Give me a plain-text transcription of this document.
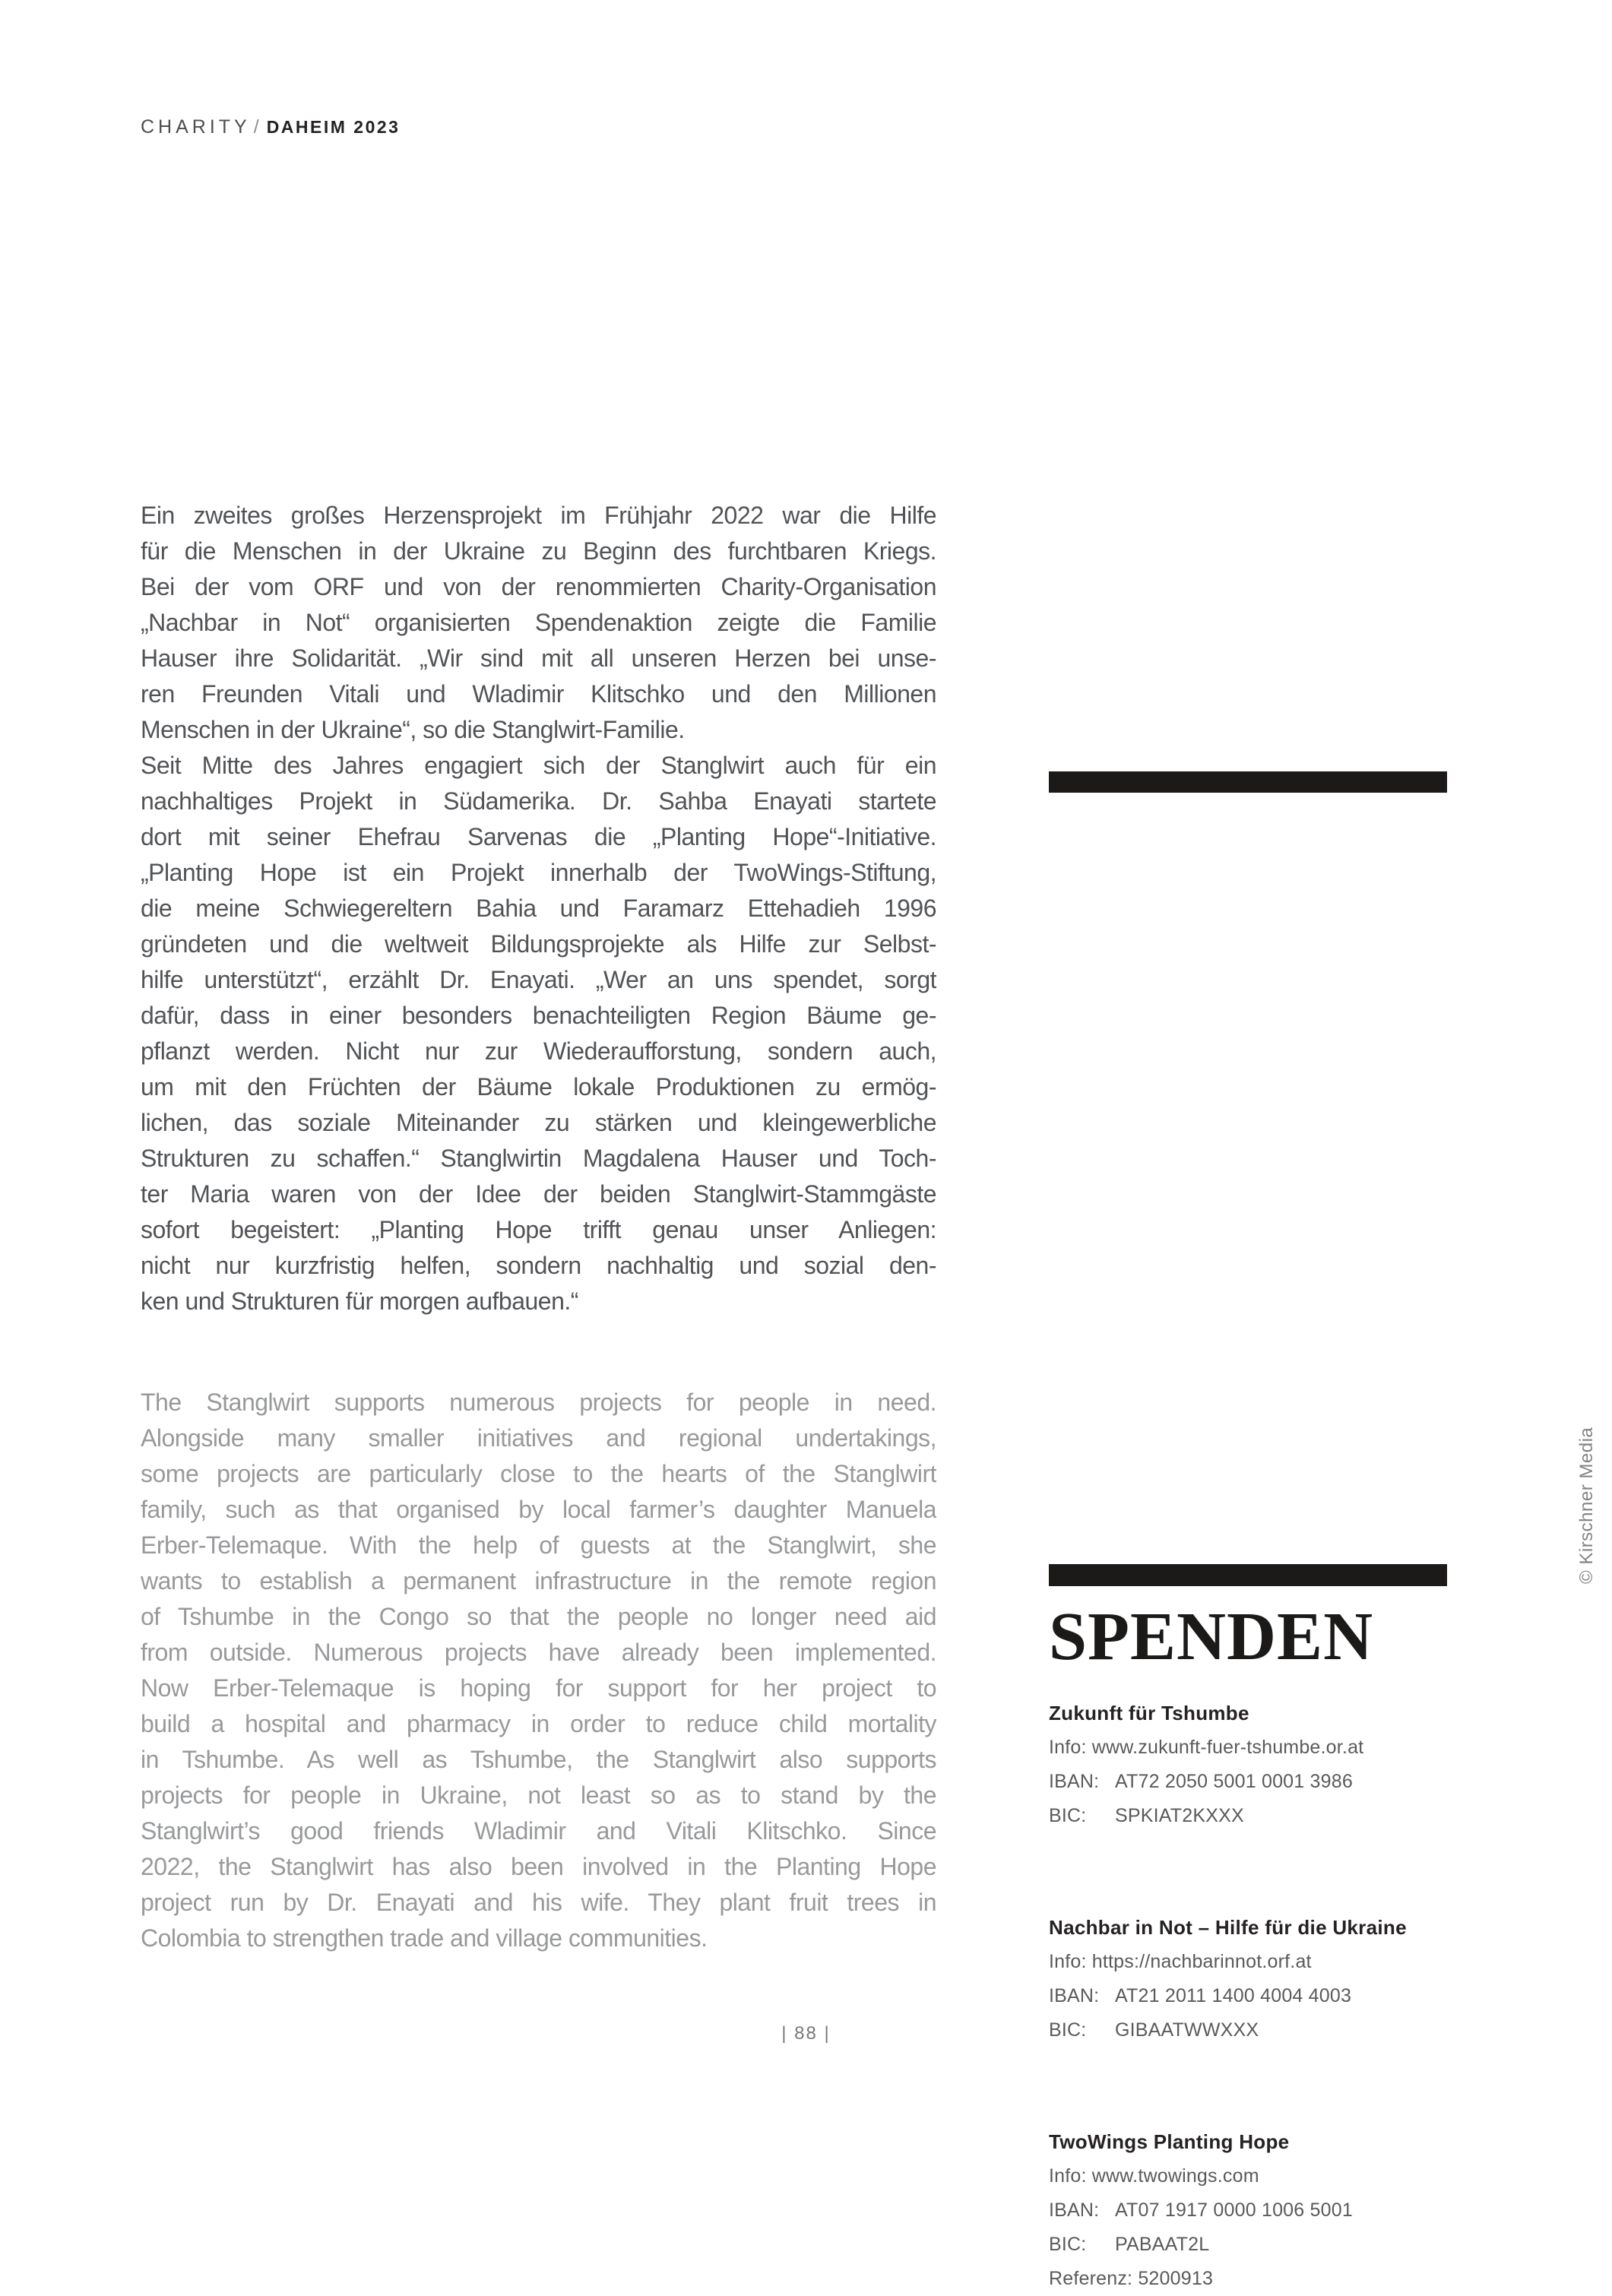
CHARITY / DAHEIM 2023
Ein zweites großes Herzensprojekt im Frühjahr 2022 war die Hilfe
für die Menschen in der Ukraine zu Beginn des furchtbaren Kriegs.
Bei der vom ORF und von der renommierten Charity-Organisation
„Nachbar in Not“ organisierten Spendenaktion zeigte die Familie
Hauser ihre Solidarität. „Wir sind mit all unseren Herzen bei unse-
ren Freunden Vitali und Wladimir Klitschko und den Millionen
Menschen in der Ukraine“, so die Stanglwirt-Familie.
Seit Mitte des Jahres engagiert sich der Stanglwirt auch für ein
nachhaltiges Projekt in Südamerika. Dr. Sahba Enayati startete
dort mit seiner Ehefrau Sarvenas die „Planting Hope“-Initiative.
„Planting Hope ist ein Projekt innerhalb der TwoWings-Stiftung,
die meine Schwiegereltern Bahia und Faramarz Ettehadieh 1996
gründeten und die weltweit Bildungsprojekte als Hilfe zur Selbst-
hilfe unterstützt“, erzählt Dr. Enayati. „Wer an uns spendet, sorgt
dafür, dass in einer besonders benachteiligten Region Bäume ge-
pflanzt werden. Nicht nur zur Wiederaufforstung, sondern auch,
um mit den Früchten der Bäume lokale Produktionen zu ermög-
lichen, das soziale Miteinander zu stärken und kleingewerbliche
Strukturen zu schaffen.“ Stanglwirtin Magdalena Hauser und Toch-
ter Maria waren von der Idee der beiden Stanglwirt-Stammgäste
sofort begeistert: „Planting Hope trifft genau unser Anliegen:
nicht nur kurzfristig helfen, sondern nachhaltig und sozial den-
ken und Strukturen für morgen aufbauen.“
The Stanglwirt supports numerous projects for people in need.
Alongside many smaller initiatives and regional undertakings,
some projects are particularly close to the hearts of the Stanglwirt
family, such as that organised by local farmer’s daughter Manuela
Erber-Telemaque. With the help of guests at the Stanglwirt, she
wants to establish a permanent infrastructure in the remote region
of Tshumbe in the Congo so that the people no longer need aid
from outside. Numerous projects have already been implemented.
Now Erber-Telemaque is hoping for support for her project to
build a hospital and pharmacy in order to reduce child mortality
in Tshumbe. As well as Tshumbe, the Stanglwirt also supports
projects for people in Ukraine, not least so as to stand by the
Stanglwirt’s good friends Wladimir and Vitali Klitschko. Since
2022, the Stanglwirt has also been involved in the Planting Hope
project run by Dr. Enayati and his wife. They plant fruit trees in
Colombia to strengthen trade and village communities.
SPENDEN
Zukunft für Tshumbe
Info: www.zukunft-fuer-tshumbe.or.at
IBAN: AT72 2050 5001 0001 3986
BIC: SPKIAT2KXXX
Nachbar in Not – Hilfe für die Ukraine
Info: https://nachbarinnot.orf.at
IBAN: AT21 2011 1400 4004 4003
BIC: GIBAATWWXXX
TwoWings Planting Hope
Info: www.twowings.com
IBAN: AT07 1917 0000 1006 5001
BIC: PABAAT2L
Referenz: 5200913
| 88 |
© Kirschner Media
